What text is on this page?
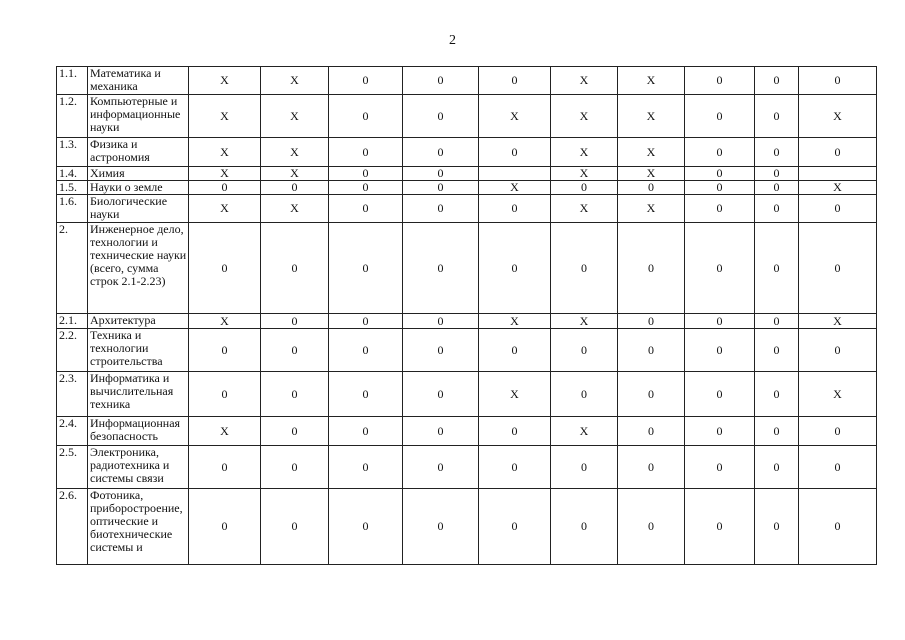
2
1.1.	Математика и механика	X	X	0	0	0	X	X	0	0	0
1.2.	Компьютерные и информационные науки	X	X	0	0	X	X	X	0	0	X
1.3.	Физика и астрономия	X	X	0	0	0	X	X	0	0	0
1.4.	Химия	X	X	0	0		X	X	0	0	
1.5.	Науки о земле	0	0	0	0	X	0	0	0	0	X
1.6.	Биологические науки	X	X	0	0	0	X	X	0	0	0
2.	Инженерное дело, технологии и технические науки (всего, сумма строк 2.1-2.23)	0	0	0	0	0	0	0	0	0	0
2.1.	Архитектура	X	0	0	0	X	X	0	0	0	X
2.2.	Техника и технологии строительства	0	0	0	0	0	0	0	0	0	0
2.3.	Информатика и вычислительная техника	0	0	0	0	X	0	0	0	0	X
2.4.	Информационная безопасность	X	0	0	0	0	X	0	0	0	0
2.5.	Электроника, радиотехника и системы связи	0	0	0	0	0	0	0	0	0	0
2.6.	Фотоника, приборостроение, оптические и биотехнические системы и	0	0	0	0	0	0	0	0	0	0
